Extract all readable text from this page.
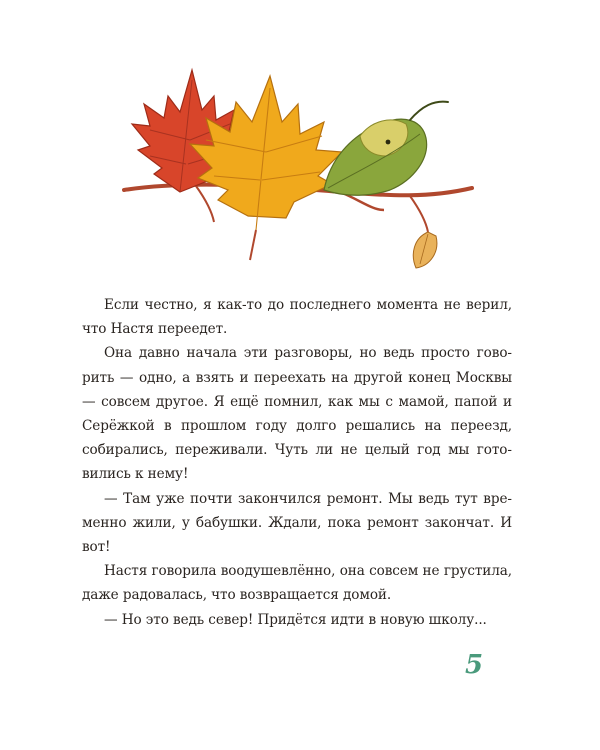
Если честно, я как-то до последнего момента не верил, что Настя переедет.

Она давно начала эти разговоры, но ведь просто говорить — одно, а взять и переехать на другой конец Москвы — совсем другое. Я ещё помнил, как мы с мамой, папой и Серёжкой в прошлом году долго решались на переезд, собирались, переживали. Чуть ли не целый год мы готовились к нему!

— Там уже почти закончился ремонт. Мы ведь тут временно жили, у бабушки. Ждали, пока ремонт закончат. И вот!

Настя говорила воодушевлённо, она совсем не грустила, даже радовалась, что возвращается домой.

— Но это ведь север! Придётся идти в новую школу...

5
